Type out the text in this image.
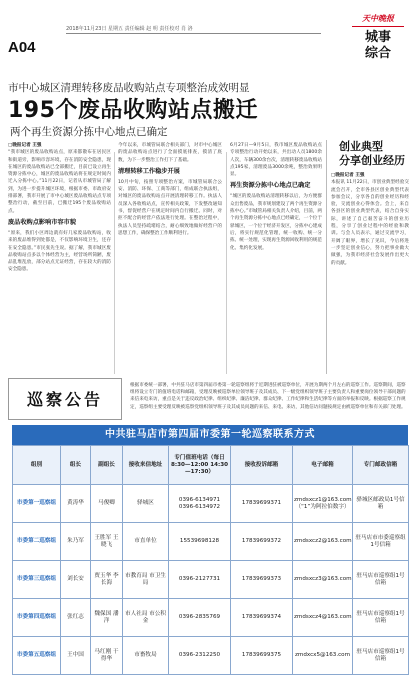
A04
2018年11月23日 星期五 责任编辑 赵 明 责任校对 肖 洛
天中晚报
城事
综合
市中心城区清理转移废品收购站点专项整治成效明显
195个废品收购站点搬迁
两个再生资源分拣中心地点已确定
□晚报记者 王强
“我市城区的废品收购站点，原来都散布在居民区和街道旁，影响市容环境，存在消防安全隐患，现在城区的废品收购站已全部搬迁，目前已设立再生资源分拣中心，城区的废品收购站将在规定时间内迁入分拣中心。”11月22日，记者从市城管局了解到，为进一步提升城区环境，根据市委、市政府安排部署，我市开展了市中心城区废品收购站点专项整治行动，截至目前，已搬迁195个废品收购站点。
废品收购点影响市容市貌
“原来，我们小区周边就有好几家废品收购站，收来的废品堆得到处都是，不仅影响环境卫生，还存在安全隐患。”市民张先生说。据了解，我市城区废品收购站点多以个体经营为主，经营场所简陋，废品乱堆乱放，部分站点无证经营，存在较大的消防安全隐患。
今年以来，市城管局联合相关部门，对市中心城区的废品收购站点进行了全面摸底排查，摸清了底数，为下一步整治工作打下了基础。
清理转移工作稳步开展
10月中旬，按照专项整治方案，市城管局联合公安、消防、环保、工商等部门，组成联合执法组，对城区的废品收购站点开展清理转移工作。执法人员深入各收购站点，宣传相关政策，下发整改通知书，督促经营户在规定时间内自行搬迁。同时，对拒不配合的经营户依法进行处理。在整治过程中，执法人员坚持疏堵结合，耐心细致地做好经营户的思想工作，确保整治工作顺利进行。
6月27日—9月5日，我市城区废品收购站点专项整治行动开始以来，共出动人员1800余人次，车辆300余台次，清理转移废品收购站点195家，清理废品3000余吨，整治效果明显。
再生资源分拣中心地点已确定
“城区的废品收购站清理转移以后，为方便群众出售废品，我市规划建设了两个再生资源分拣中心。”市城管局相关负责人介绍，目前，两个再生资源分拣中心地点已经确定，一个位于驿城区，一个位于经济开发区，分拣中心建成后，将实行规范化管理，统一收购、统一分拣、统一处理，实现再生资源回收利用的规范化、集约化发展。
创业典型
分享创业经历
□晚报记者 王强
本报讯 11月22日，市创业典型经验交流会召开，全市各县区创业典型代表参加会议，分享各自的创业经历和经验，交流创业心得体会。会上，来自各县区的创业典型代表，结合自身实际，讲述了自己艰苦奋斗的创业历程，分享了创业过程中的经验和教训。与会人员表示，通过交流学习，开阔了眼界，增长了见识，今后将进一步坚定创业信心，努力把事业做大做强，为我市经济社会发展作出更大的贡献。
巡察公告
根据市委统一部署，中共驻马店市第四届市委第一轮巡察组将于近期进驻被巡察单位，开展为期两个月左右的巡察工作。巡察期间，巡察组将设立专门的值班电话和邮箱，受理反映被巡察单位领导班子及其成员、下一级党组织领导班子主要负责人和重要岗位领导干部问题的来信来电来访，重点是关于违反政治纪律、组织纪律、廉洁纪律、群众纪律、工作纪律和生活纪律等方面的举报和反映。根据巡察工作规定，巡察组主要受理反映被巡察党组织领导班子及其成员问题的来信、来电、来访，其他信访问题按规定由被巡察单位和有关部门处理。
中共驻马店市第四届市委第一轮巡察联系方式
组别	组长	副组长	接收来信地址	专门值班电话（每日8:30—12:00 14:30—17:30）	接收投诉邮箱	电子邮箱	专门邮政信箱
市委第一巡察组	黄涛华	马俊卿	驿城区	0396-6134971 0396-6134972	17839699371	zmdsxcz1@163.com（“1”为阿拉伯数字）	驿城区邮政局1号信箱
市委第二巡察组	朱乃军	王胜军 王晓飞	市直单位	15539698128	17839699372	zmdsxcz2@163.com	驻马店市市委巡察组1号信箱
市委第三巡察组	刘长安	贾玉华 李长海	市教育局 市卫生局	0396-2127731	17839699373	zmdsxcz3@163.com	驻马店市巡察组1号信箱
市委第四巡察组	张红志	魏保国 潘 洋	市人社局 市公积金	0396-2835769	17839699374	zmdsxcz4@163.com	驻马店市巡察组1号信箱
市委第五巡察组	王中国	马红刚 干得华	市畜牧局	0396-2312250	17839699375	zmdxcx5@163.com	驻马店市巡察组1号信箱
